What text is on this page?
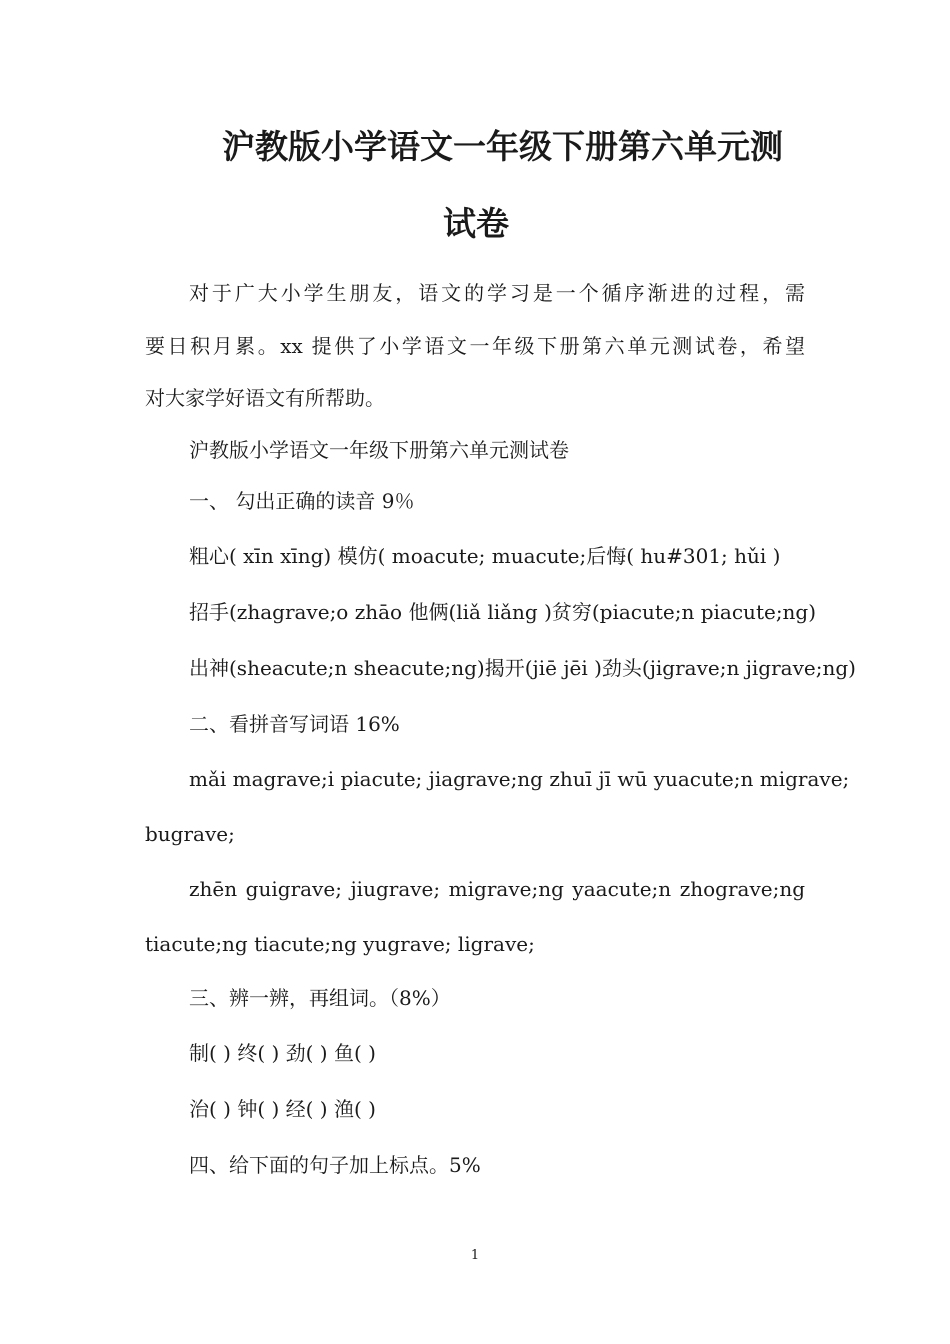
沪教版小学语文一年级下册第六单元测
试卷
对于广大小学生朋友，语文的学习是一个循序渐进的过程，需
要日积月累。xx 提供了小学语文一年级下册第六单元测试卷，希望
对大家学好语文有所帮助。
沪教版小学语文一年级下册第六单元测试卷
一、 勾出正确的读音 9％
粗心( xīn xīng) 模仿( moacute; muacute;后悔( hu#301; hǔi )
招手(zhagrave;o zhāo 他俩(liǎ liǎng )贫穷(piacute;n piacute;ng)
出神(sheacute;n sheacute;ng)揭开(jiē jēi )劲头(jigrave;n jigrave;ng)
二、看拼音写词语 16%
mǎi magrave;i piacute; jiagrave;ng zhuī jī wū yuacute;n migrave;
bugrave;
zhēn guigrave; jiugrave; migrave;ng yaacute;n zhograve;ng
tiacute;ng tiacute;ng yugrave; ligrave;
三、辨一辨，再组词。（8%）
制( ) 终( ) 劲( ) 鱼( )
治( ) 钟( ) 经( ) 渔( )
四、给下面的句子加上标点。5%
1
